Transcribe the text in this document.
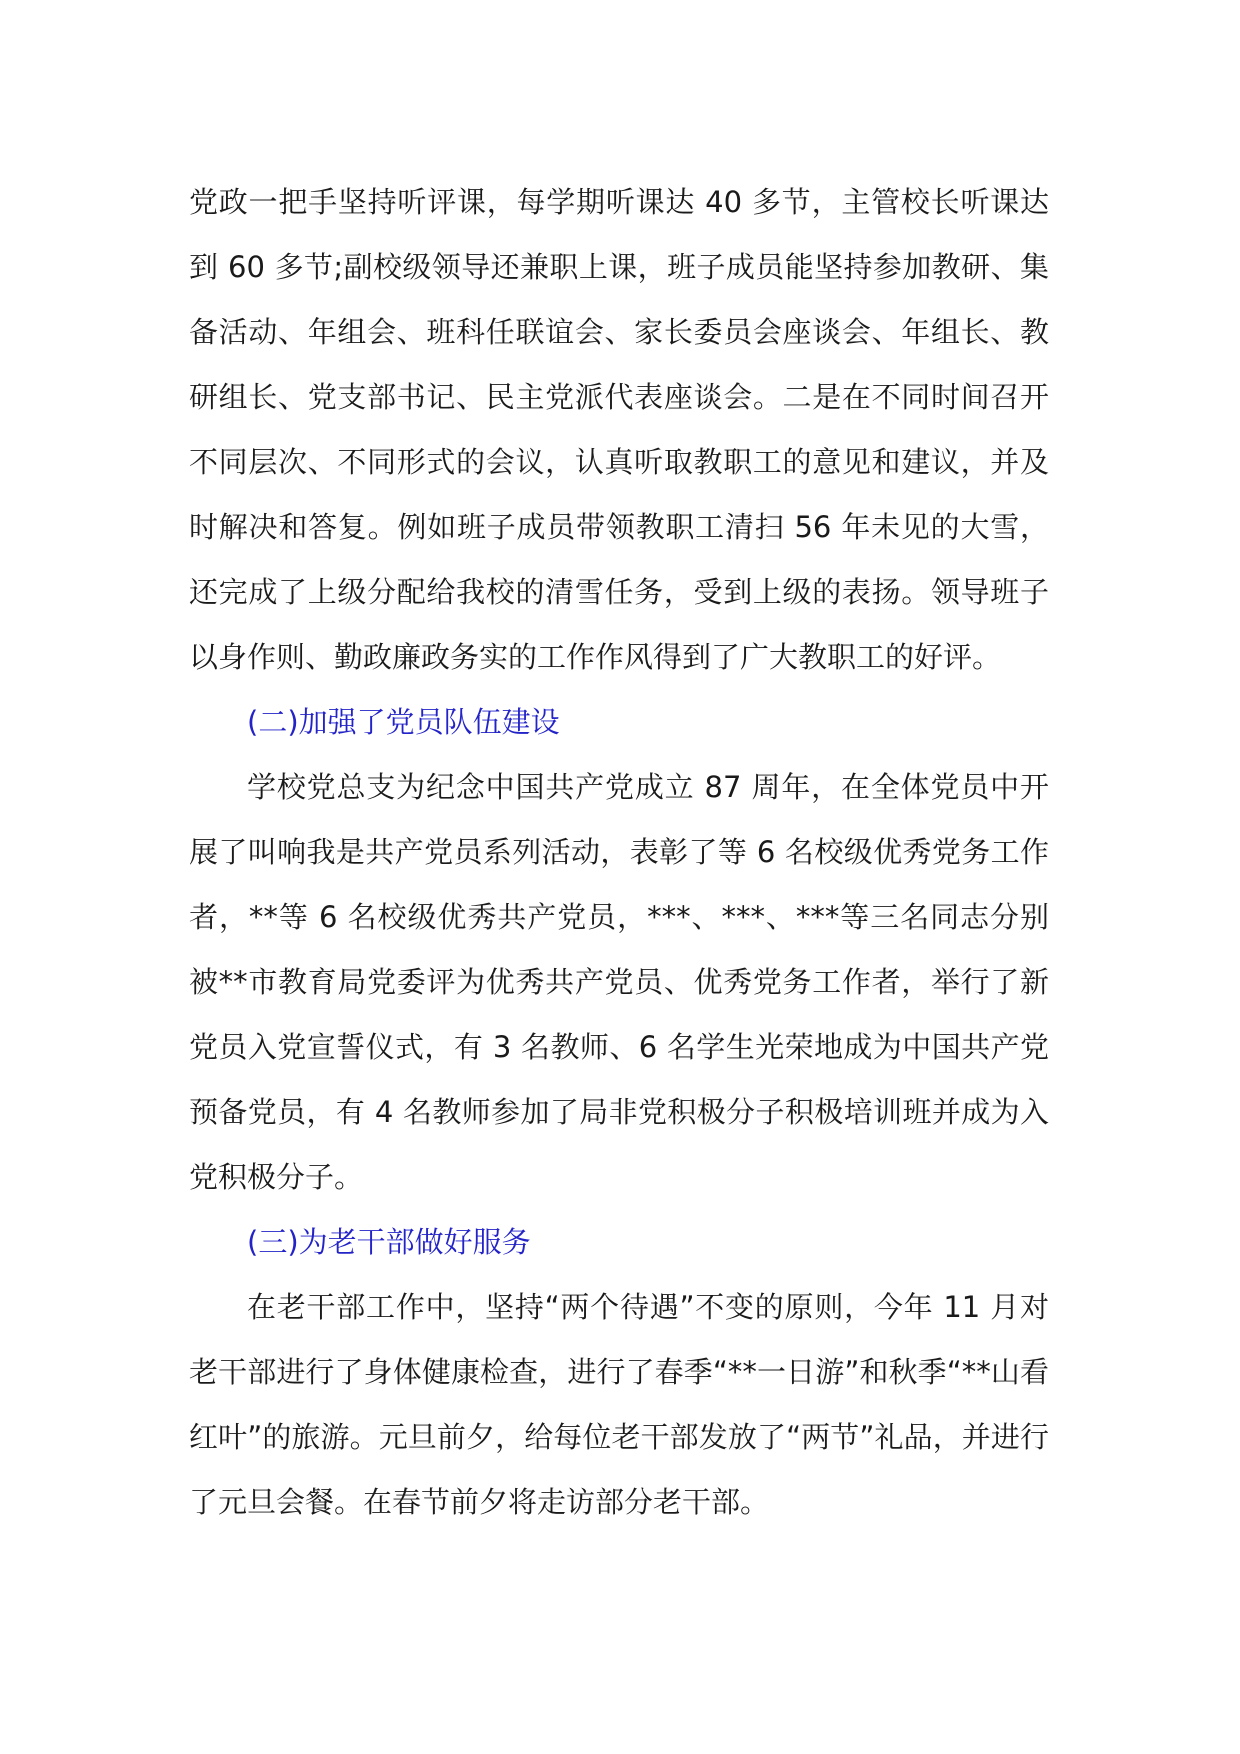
党政一把手坚持听评课，每学期听课达 40 多节，主管校长听课达到 60 多节;副校级领导还兼职上课，班子成员能坚持参加教研、集备活动、年组会、班科任联谊会、家长委员会座谈会、年组长、教研组长、党支部书记、民主党派代表座谈会。二是在不同时间召开不同层次、不同形式的会议，认真听取教职工的意见和建议，并及时解决和答复。例如班子成员带领教职工清扫 56 年未见的大雪，还完成了上级分配给我校的清雪任务，受到上级的表扬。领导班子以身作则、勤政廉政务实的工作作风得到了广大教职工的好评。

(二)加强了党员队伍建设

学校党总支为纪念中国共产党成立 87 周年，在全体党员中开展了叫响我是共产党员系列活动，表彰了等 6 名校级优秀党务工作者，**等 6 名校级优秀共产党员，***、***、***等三名同志分别被**市教育局党委评为优秀共产党员、优秀党务工作者，举行了新党员入党宣誓仪式，有 3 名教师、6 名学生光荣地成为中国共产党预备党员，有 4 名教师参加了局非党积极分子积极培训班并成为入党积极分子。

(三)为老干部做好服务

在老干部工作中，坚持“两个待遇”不变的原则，今年 11 月对老干部进行了身体健康检查，进行了春季“**一日游”和秋季“**山看红叶”的旅游。元旦前夕，给每位老干部发放了“两节”礼品，并进行了元旦会餐。在春节前夕将走访部分老干部。
